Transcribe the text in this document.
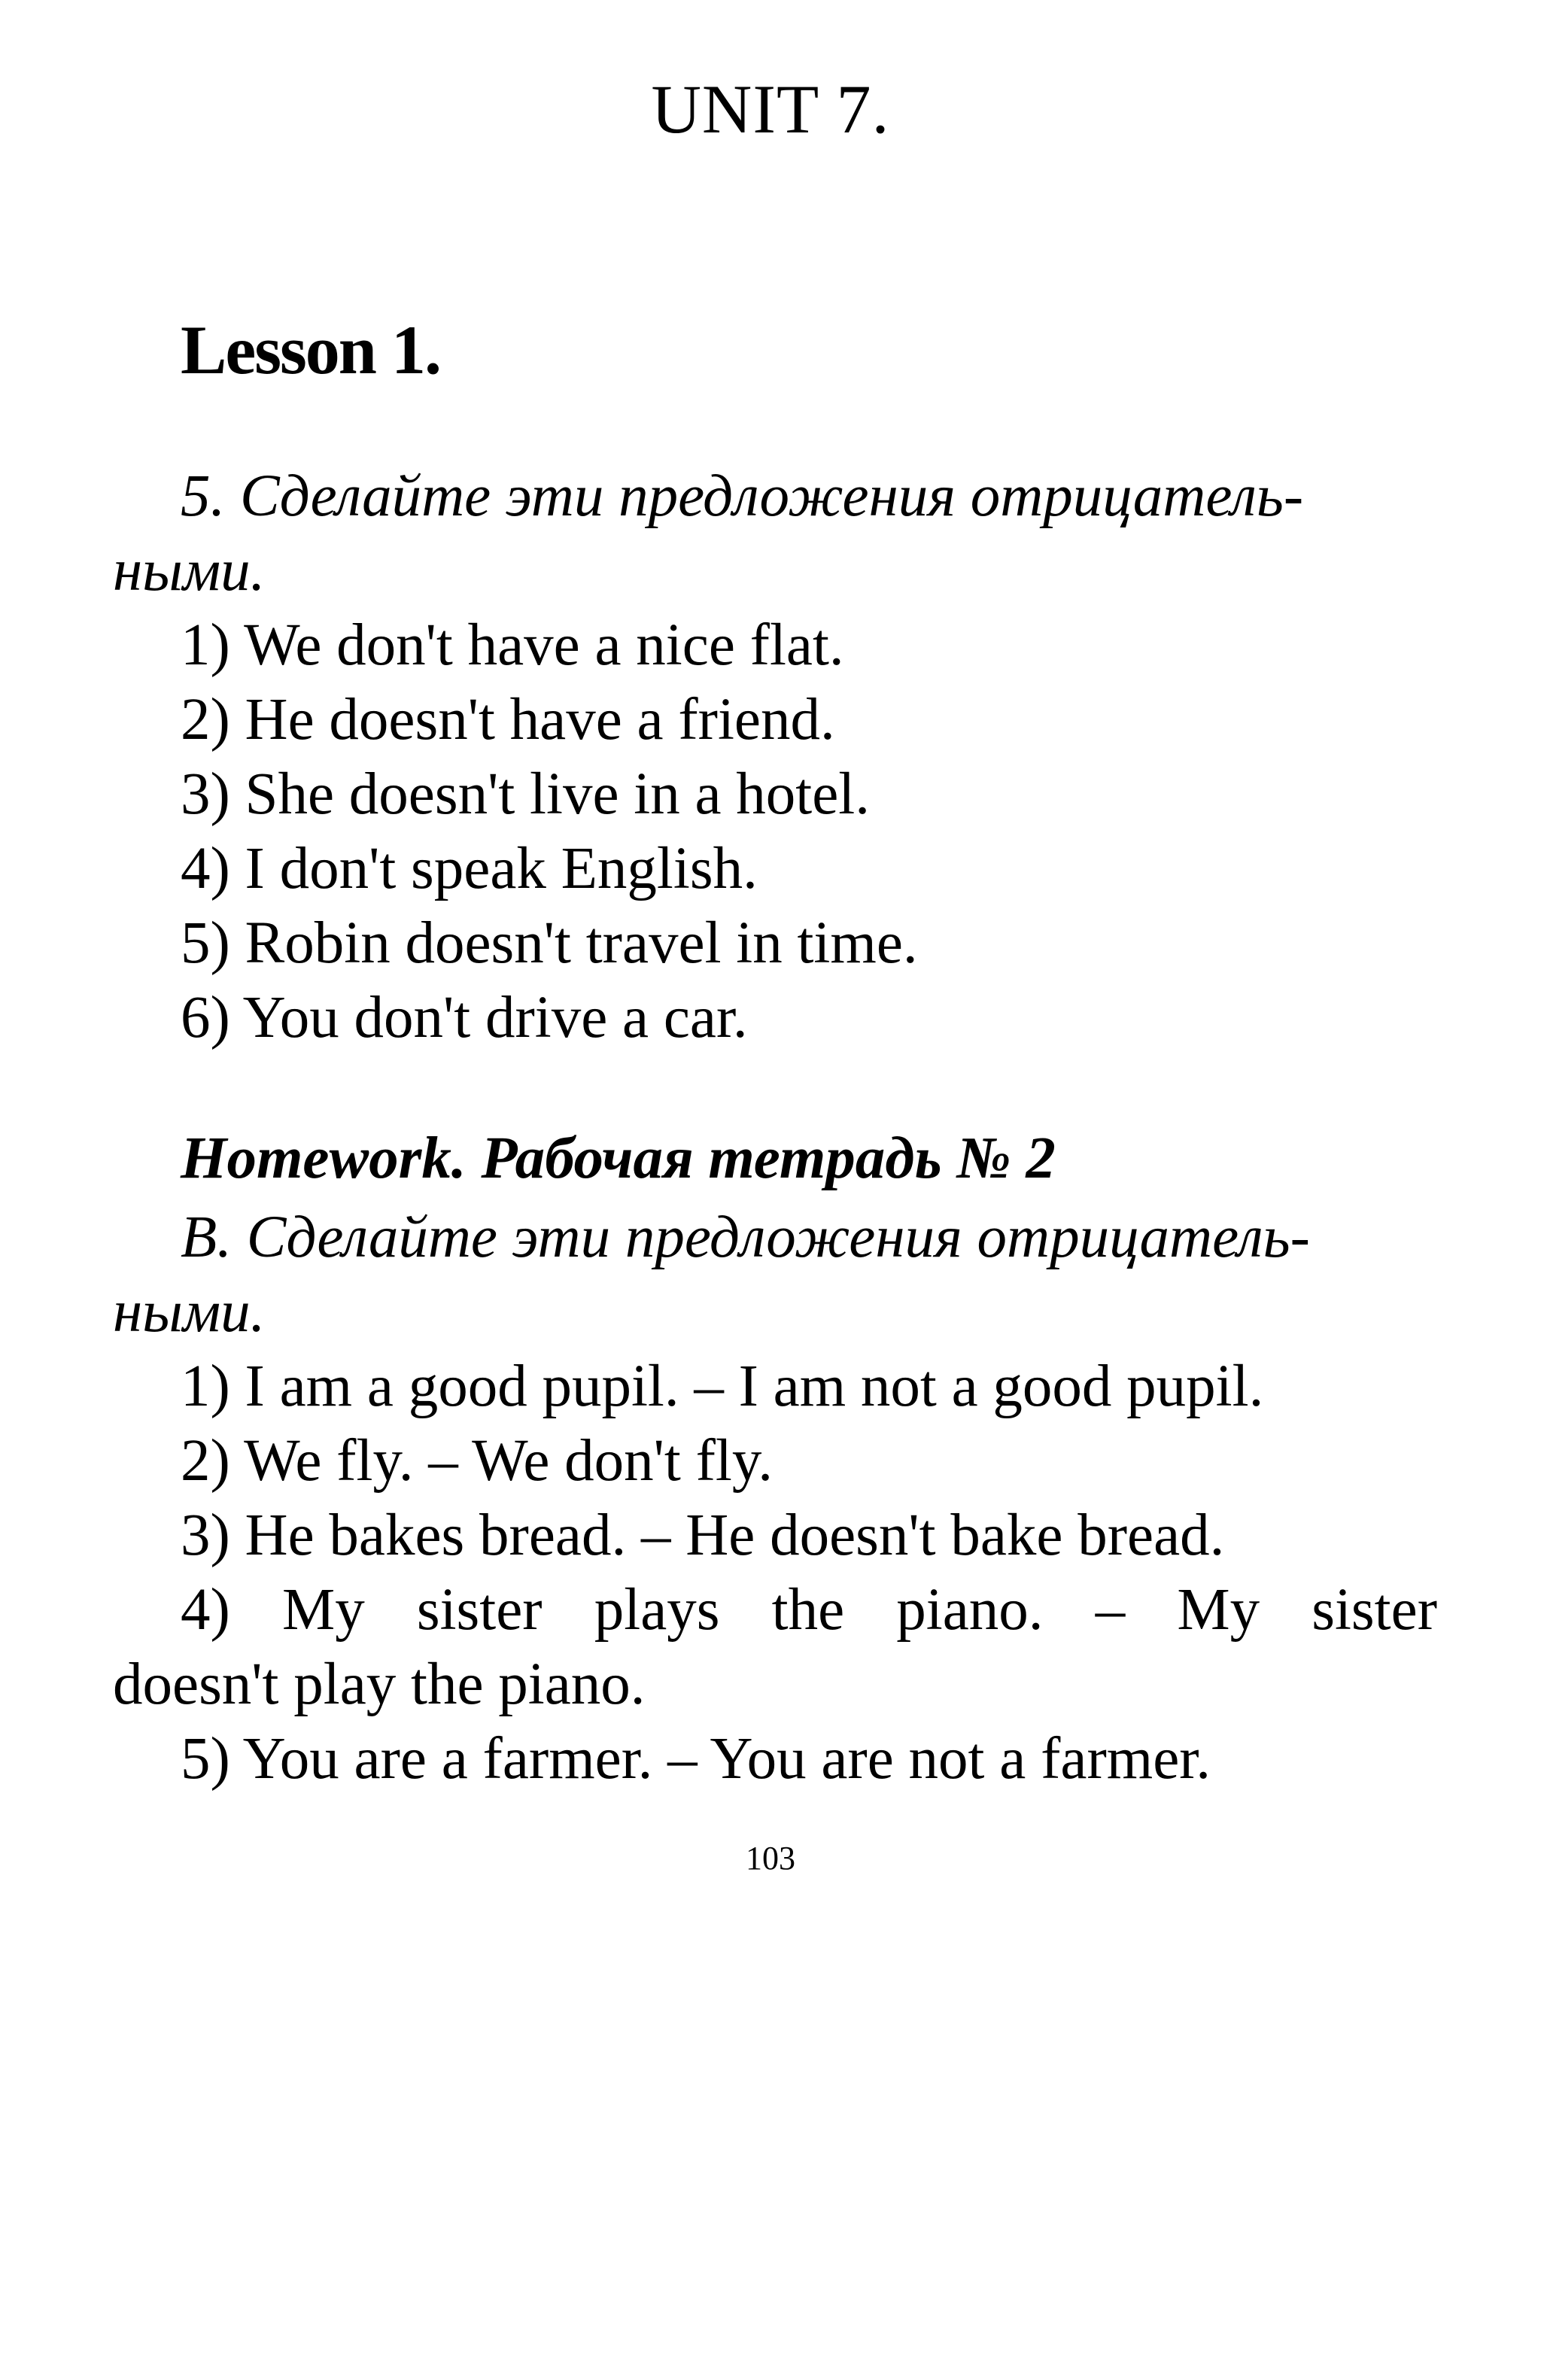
UNIT 7.
Lesson 1.
5. Сделайте эти предложения отрицатель-
ными.
1) We don't have a nice flat.
2) He doesn't have a friend.
3) She doesn't live in a hotel.
4) I don't speak English.
5) Robin doesn't travel in time.
6) You don't drive a car.
Homework. Рабочая тетрадь № 2
B. Сделайте эти предложения отрицатель-
ными.
1) I am a good pupil. – I am not a good pupil.
2) We fly. – We don't fly.
3) He bakes bread. – He doesn't bake bread.
4) My sister plays the piano. – My sister
doesn't play the piano.
5) You are a farmer. – You are not a farmer.
103
